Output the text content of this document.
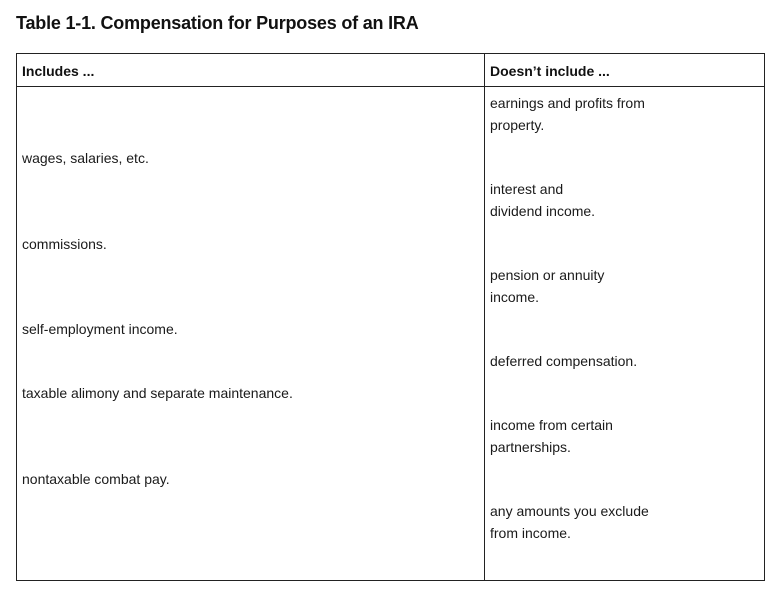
Table 1-1. Compensation for Purposes of an IRA
Includes ...	Doesn’t include ...
wages, salaries, etc.
commissions.
self-employment income.
taxable alimony and separate maintenance.
nontaxable combat pay.
earnings and profits from
property.
interest and
dividend income.
pension or annuity
income.
deferred compensation.
income from certain
partnerships.
any amounts you exclude
from income.
